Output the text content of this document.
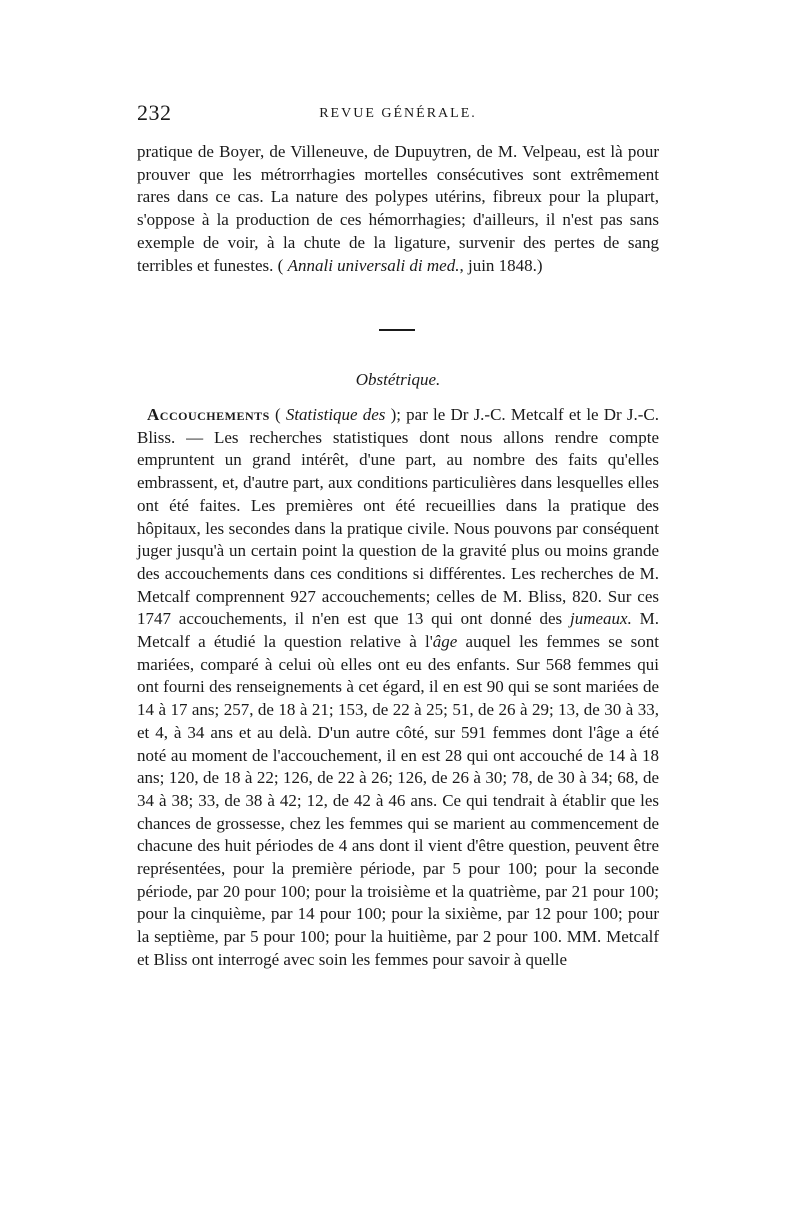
232	REVUE GÉNÉRALE.

pratique de Boyer, de Villeneuve, de Dupuytren, de M. Velpeau, est là pour prouver que les métrorrhagies mortelles consécutives sont extrêmement rares dans ce cas. La nature des polypes utérins, fibreux pour la plupart, s'oppose à la production de ces hémorrhagies; d'ailleurs, il n'est pas sans exemple de voir, à la chute de la ligature, survenir des pertes de sang terribles et funestes. ( Annali universali di med., juin 1848.)

Obstétrique.

Accouchements ( Statistique des ); par le Dr J.-C. Metcalf et le Dr J.-C. Bliss. — Les recherches statistiques dont nous allons rendre compte empruntent un grand intérêt, d'une part, au nombre des faits qu'elles embrassent, et, d'autre part, aux conditions particulières dans lesquelles elles ont été faites. Les premières ont été recueillies dans la pratique des hôpitaux, les secondes dans la pratique civile. Nous pouvons par conséquent juger jusqu'à un certain point la question de la gravité plus ou moins grande des accouchements dans ces conditions si différentes. Les recherches de M. Metcalf comprennent 927 accouchements; celles de M. Bliss, 820. Sur ces 1747 accouchements, il n'en est que 13 qui ont donné des jumeaux. M. Metcalf a étudié la question relative à l'âge auquel les femmes se sont mariées, comparé à celui où elles ont eu des enfants. Sur 568 femmes qui ont fourni des renseignements à cet égard, il en est 90 qui se sont mariées de 14 à 17 ans; 257, de 18 à 21; 153, de 22 à 25; 51, de 26 à 29; 13, de 30 à 33, et 4, à 34 ans et au delà. D'un autre côté, sur 591 femmes dont l'âge a été noté au moment de l'accouchement, il en est 28 qui ont accouché de 14 à 18 ans; 120, de 18 à 22; 126, de 22 à 26; 126, de 26 à 30; 78, de 30 à 34; 68, de 34 à 38; 33, de 38 à 42; 12, de 42 à 46 ans. Ce qui tendrait à établir que les chances de grossesse, chez les femmes qui se marient au commencement de chacune des huit périodes de 4 ans dont il vient d'être question, peuvent être représentées, pour la première période, par 5 pour 100; pour la seconde période, par 20 pour 100; pour la troisième et la quatrième, par 21 pour 100; pour la cinquième, par 14 pour 100; pour la sixième, par 12 pour 100; pour la septième, par 5 pour 100; pour la huitième, par 2 pour 100. MM. Metcalf et Bliss ont interrogé avec soin les femmes pour savoir à quelle
